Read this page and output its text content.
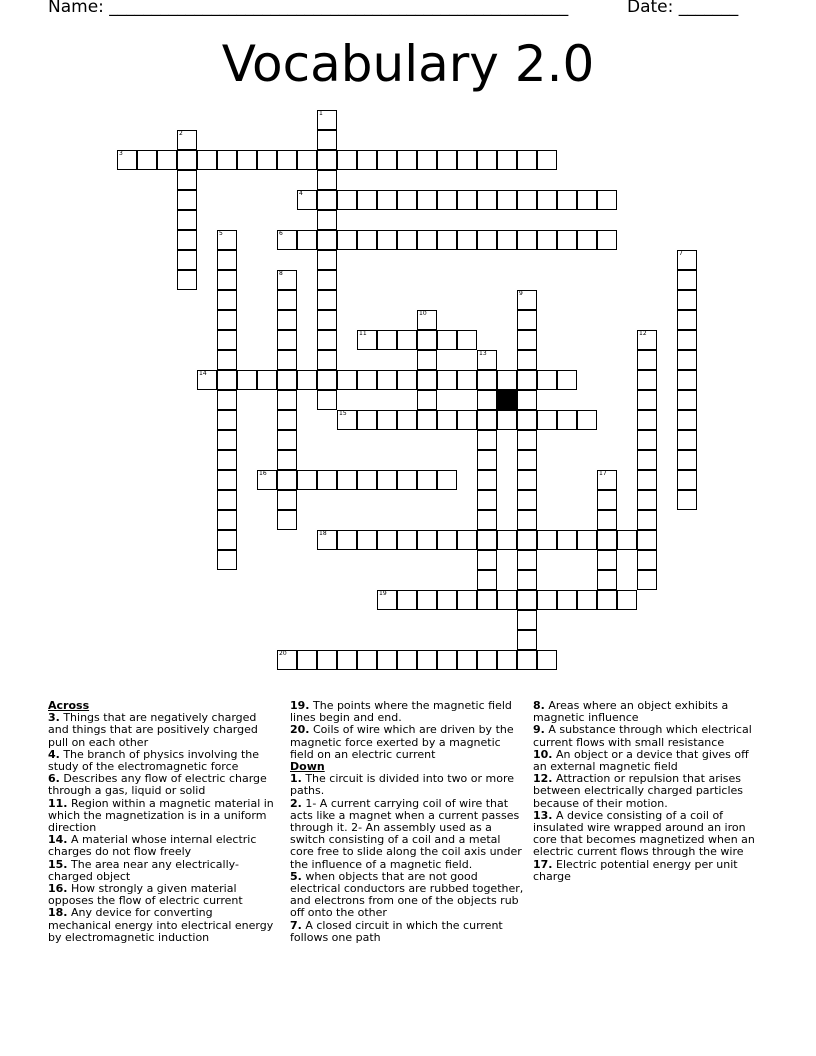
Name: ______________________________________________________	Date: _______
Vocabulary 2.0
3
4
6
11
14
15
16
18
19
20
1
2
5
7
8
9
10
12
13
17
Across
3. Things that are negatively charged and things that are positively charged pull on each other
4. The branch of physics involving the study of the electromagnetic force
6. Describes any flow of electric charge through a gas, liquid or solid
11. Region within a magnetic material in which the magnetization is in a uniform direction
14. A material whose internal electric charges do not flow freely
15. The area near any electrically-charged object
16. How strongly a given material opposes the flow of electric current
18. Any device for converting mechanical energy into electrical energy by electromagnetic induction
19. The points where the magnetic field lines begin and end.
20. Coils of wire which are driven by the magnetic force exerted by a magnetic field on an electric current
Down
1. The circuit is divided into two or more paths.
2. 1- A current carrying coil of wire that acts like a magnet when a current passes through it. 2- An assembly used as a switch consisting of a coil and a metal core free to slide along the coil axis under the influence of a magnetic field.
5. when objects that are not good electrical conductors are rubbed together, and electrons from one of the objects rub off onto the other
7. A closed circuit in which the current follows one path
8. Areas where an object exhibits a magnetic influence
9. A substance through which electrical current flows with small resistance
10. An object or a device that gives off an external magnetic field
12. Attraction or repulsion that arises between electrically charged particles because of their motion.
13. A device consisting of a coil of insulated wire wrapped around an iron core that becomes magnetized when an electric current flows through the wire
17. Electric potential energy per unit charge
